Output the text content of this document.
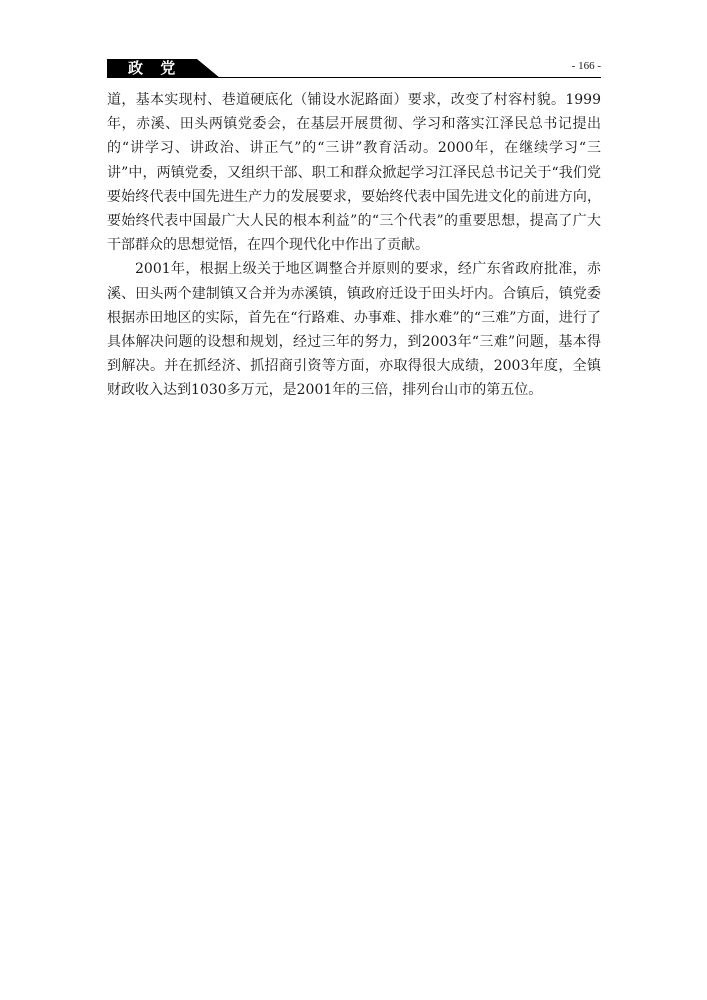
政 党	- 166 -

道，基本实现村、巷道硬底化（铺设水泥路面）要求，改变了村容村貌。1999年，赤溪、田头两镇党委会，在基层开展贯彻、学习和落实江泽民总书记提出的“讲学习、讲政治、讲正气”的“三讲”教育活动。2000年，在继续学习“三讲”中，两镇党委，又组织干部、职工和群众掀起学习江泽民总书记关于“我们党要始终代表中国先进生产力的发展要求，要始终代表中国先进文化的前进方向，要始终代表中国最广大人民的根本利益”的“三个代表”的重要思想，提高了广大干部群众的思想觉悟，在四个现代化中作出了贡献。

2001年，根据上级关于地区调整合并原则的要求，经广东省政府批准，赤溪、田头两个建制镇又合并为赤溪镇，镇政府迁设于田头圩内。合镇后，镇党委根据赤田地区的实际，首先在“行路难、办事难、排水难”的“三难”方面，进行了具体解决问题的设想和规划，经过三年的努力，到2003年“三难”问题，基本得到解决。并在抓经济、抓招商引资等方面，亦取得很大成绩，2003年度，全镇财政收入达到1030多万元，是2001年的三倍，排列台山市的第五位。
